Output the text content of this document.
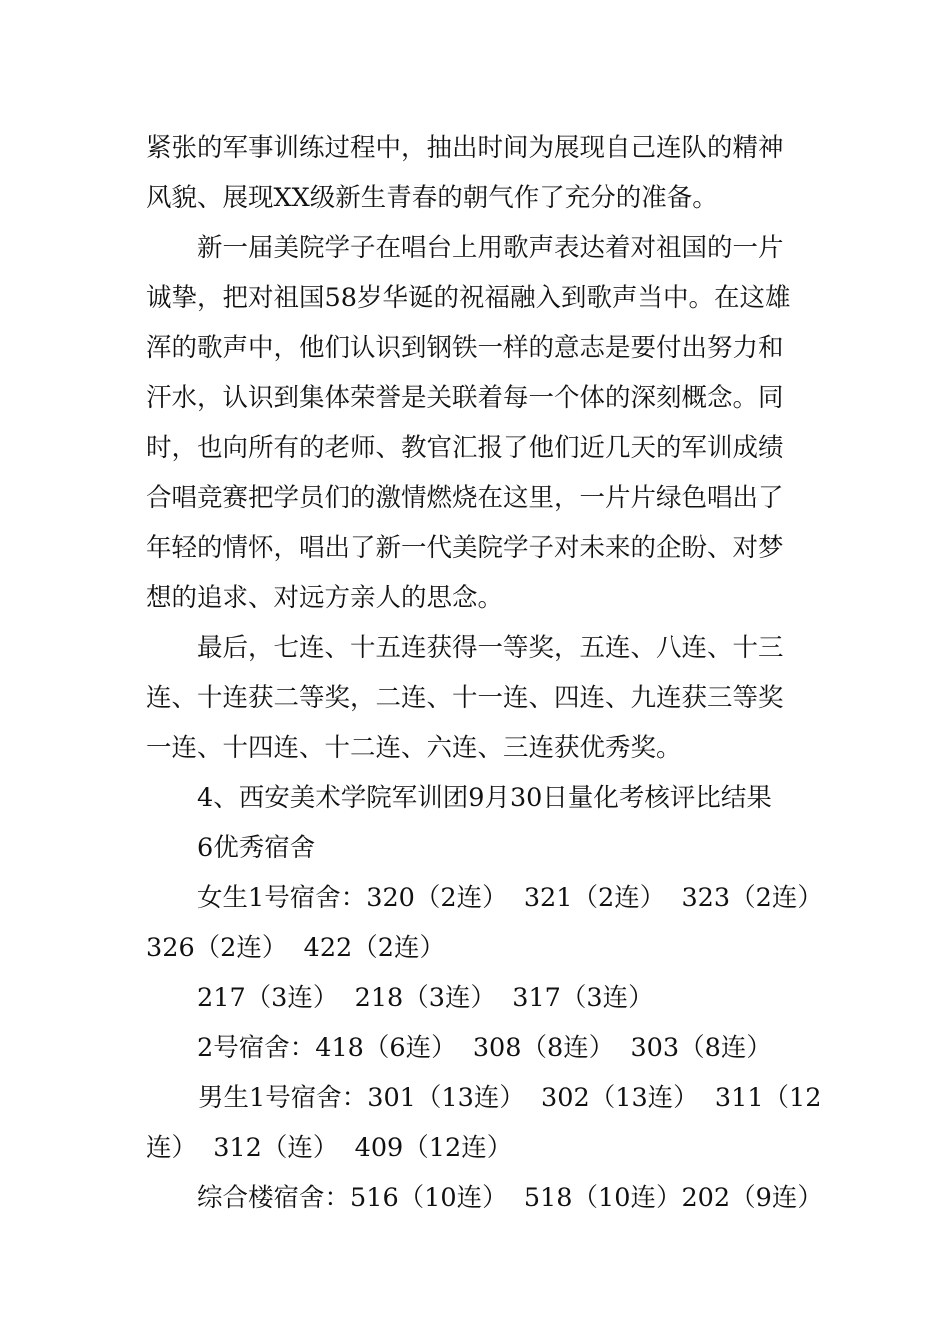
紧张的军事训练过程中，抽出时间为展现自己连队的精神
风貌、展现XX级新生青春的朝气作了充分的准备。
新一届美院学子在唱台上用歌声表达着对祖国的一片
诚挚，把对祖国58岁华诞的祝福融入到歌声当中。在这雄
浑的歌声中，他们认识到钢铁一样的意志是要付出努力和
汗水，认识到集体荣誉是关联着每一个体的深刻概念。同
时，也向所有的老师、教官汇报了他们近几天的军训成绩
合唱竞赛把学员们的激情燃烧在这里，一片片绿色唱出了
年轻的情怀，唱出了新一代美院学子对未来的企盼、对梦
想的追求、对远方亲人的思念。
最后，七连、十五连获得一等奖，五连、八连、十三
连、十连获二等奖，二连、十一连、四连、九连获三等奖
一连、十四连、十二连、六连、三连获优秀奖。
4、西安美术学院军训团9月30日量化考核评比结果
6优秀宿舍
女生1号宿舍：320（2连）  321（2连）  323（2连）
326（2连）  422（2连）
217（3连）  218（3连）  317（3连）
2号宿舍：418（6连）  308（8连）  303（8连）
男生1号宿舍：301（13连）  302（13连）  311（12
连）  312（连）  409（12连）
综合楼宿舍：516（10连）  518（10连）202（9连）
